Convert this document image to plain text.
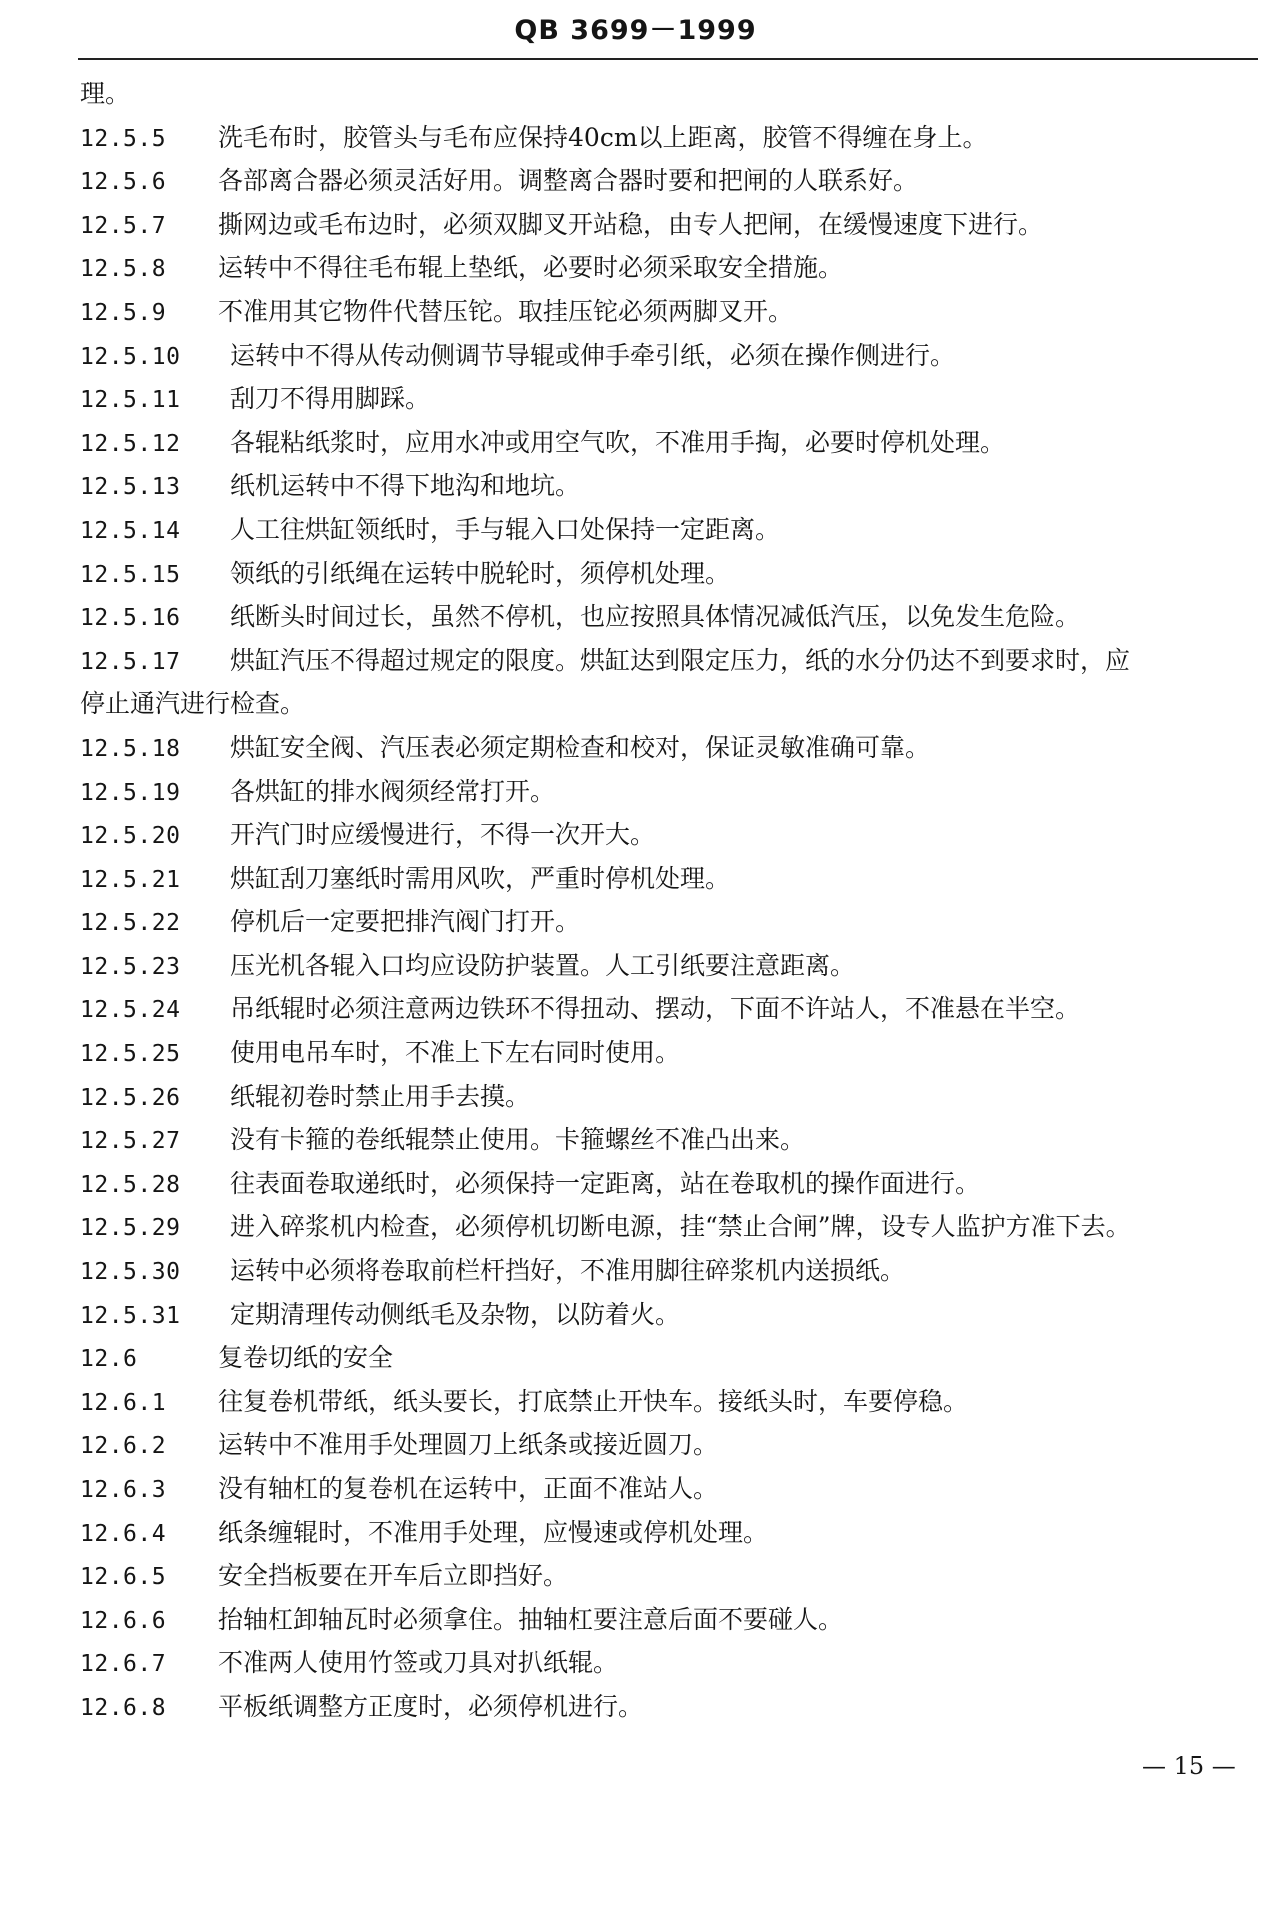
QB 3699－1999
理。
12.5.5 洗毛布时，胶管头与毛布应保持40cm以上距离，胶管不得缠在身上。
12.5.6 各部离合器必须灵活好用。调整离合器时要和把闸的人联系好。
12.5.7 撕网边或毛布边时，必须双脚叉开站稳，由专人把闸，在缓慢速度下进行。
12.5.8 运转中不得往毛布辊上垫纸，必要时必须采取安全措施。
12.5.9 不准用其它物件代替压铊。取挂压铊必须两脚叉开。
12.5.10 运转中不得从传动侧调节导辊或伸手牵引纸，必须在操作侧进行。
12.5.11 刮刀不得用脚踩。
12.5.12 各辊粘纸浆时，应用水冲或用空气吹，不准用手掏，必要时停机处理。
12.5.13 纸机运转中不得下地沟和地坑。
12.5.14 人工往烘缸领纸时，手与辊入口处保持一定距离。
12.5.15 领纸的引纸绳在运转中脱轮时，须停机处理。
12.5.16 纸断头时间过长，虽然不停机，也应按照具体情况减低汽压，以免发生危险。
12.5.17 烘缸汽压不得超过规定的限度。烘缸达到限定压力，纸的水分仍达不到要求时，应
停止通汽进行检查。
12.5.18 烘缸安全阀、汽压表必须定期检查和校对，保证灵敏准确可靠。
12.5.19 各烘缸的排水阀须经常打开。
12.5.20 开汽门时应缓慢进行，不得一次开大。
12.5.21 烘缸刮刀塞纸时需用风吹，严重时停机处理。
12.5.22 停机后一定要把排汽阀门打开。
12.5.23 压光机各辊入口均应设防护装置。人工引纸要注意距离。
12.5.24 吊纸辊时必须注意两边铁环不得扭动、摆动，下面不许站人，不准悬在半空。
12.5.25 使用电吊车时，不准上下左右同时使用。
12.5.26 纸辊初卷时禁止用手去摸。
12.5.27 没有卡箍的卷纸辊禁止使用。卡箍螺丝不准凸出来。
12.5.28 往表面卷取递纸时，必须保持一定距离，站在卷取机的操作面进行。
12.5.29 进入碎浆机内检查，必须停机切断电源，挂“禁止合闸”牌，设专人监护方准下去。
12.5.30 运转中必须将卷取前栏杆挡好，不准用脚往碎浆机内送损纸。
12.5.31 定期清理传动侧纸毛及杂物，以防着火。
12.6	复卷切纸的安全
12.6.1 往复卷机带纸，纸头要长，打底禁止开快车。接纸头时，车要停稳。
12.6.2 运转中不准用手处理圆刀上纸条或接近圆刀。
12.6.3 没有轴杠的复卷机在运转中，正面不准站人。
12.6.4 纸条缠辊时，不准用手处理，应慢速或停机处理。
12.6.5 安全挡板要在开车后立即挡好。
12.6.6 抬轴杠卸轴瓦时必须拿住。抽轴杠要注意后面不要碰人。
12.6.7 不准两人使用竹签或刀具对扒纸辊。
12.6.8 平板纸调整方正度时，必须停机进行。
— 15 —
